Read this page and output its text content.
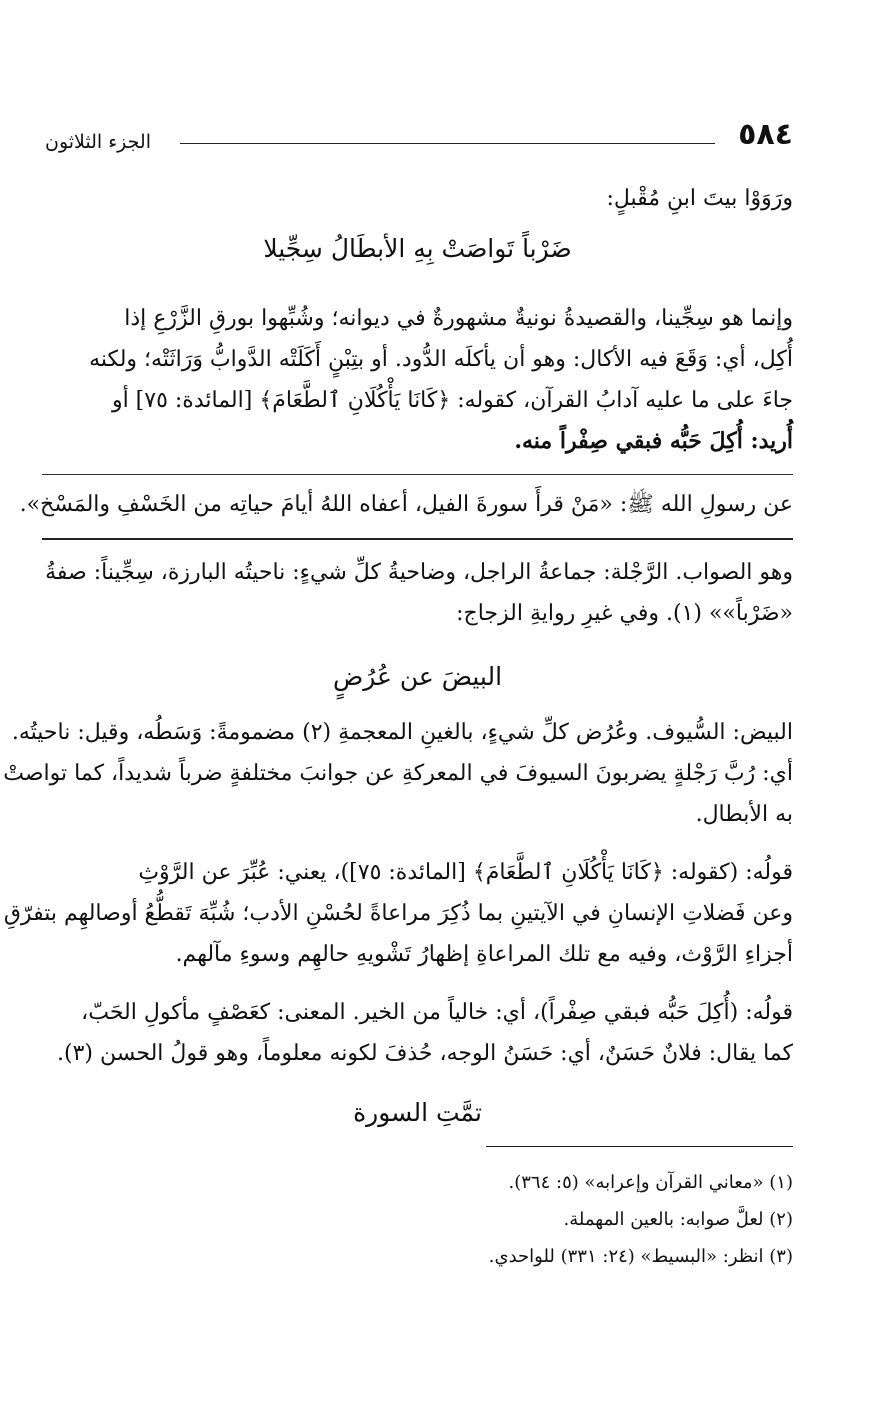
٥٨٤
الجزء الثلاثون
ورَوَوْا بيتَ ابنِ مُقْبلٍ:
ضَرْباً تَواصَتْ بِهِ الأبطَالُ سِجِّيلا
وإنما هو سِجِّينا، والقصيدةُ نونيةٌ مشهورةٌ في ديوانه؛ وشُبِّهوا بورقِ الزَّرْعِ إذا
أُكِل، أي: وَقَعَ فيه الأكال: وهو أن يأكلَه الدُّود. أو بتِبْنٍ أَكَلَتْه الدَّوابُّ وَرَاثَتْه؛ ولكنه
جاءَ على ما عليه آدابُ القرآن، كقوله: ﴿كَانَا يَأْكُلَانِ ٱلطَّعَامَ﴾ [المائدة: ٧٥] أو
أُريد: أُكِلَ حَبُّه فبقي صِفْراً منه.
عن رسولِ الله ﷺ: «مَنْ قرأَ سورةَ الفيل، أعفاه اللهُ أيامَ حياتِه من الخَسْفِ والمَسْخ».
وهو الصواب. الرَّجْلة: جماعةُ الراجل، وضاحيةُ كلِّ شيءٍ: ناحيتُه البارزة، سِجِّيناً: صفةُ
«ضَرْباً»» (١). وفي غيرِ روايةِ الزجاج:
البيضَ عن عُرُضٍ
البيض: السُّيوف. وعُرُض كلِّ شيءٍ، بالغينِ المعجمةِ (٢) مضمومةً: وَسَطُه، وقيل: ناحيتُه.
أي: رُبَّ رَجْلةٍ يضربونَ السيوفَ في المعركةِ عن جوانبَ مختلفةٍ ضرباً شديداً، كما تواصتْ
به الأبطال.
قولُه: (كقوله: ﴿كَانَا يَأْكُلَانِ ٱلطَّعَامَ﴾ [المائدة: ٧٥])، يعني: عُبِّرَ عن الرَّوْثِ
وعن فَضلاتِ الإنسانِ في الآيتينِ بما ذُكِرَ مراعاةً لحُسْنِ الأدب؛ شُبِّهَ تَقطُّعُ أوصالهِم بتفرّقِ
أجزاءِ الرَّوْث، وفيه مع تلك المراعاةِ إظهارُ تَشْويهِ حالهِم وسوءِ مآلهم.
قولُه: (أُكِلَ حَبُّه فبقي صِفْراً)، أي: خالياً من الخير. المعنى: كعَصْفٍ مأكولِ الحَبّ،
كما يقال: فلانٌ حَسَنٌ، أي: حَسَنُ الوجه، حُذفَ لكونه معلوماً، وهو قولُ الحسن (٣).
تمَّتِ السورة
(١) «معاني القرآن وإعرابه» (٥: ٣٦٤).
(٢) لعلَّ صوابه: بالعين المهملة.
(٣) انظر: «البسيط» (٢٤: ٣٣١) للواحدي.
